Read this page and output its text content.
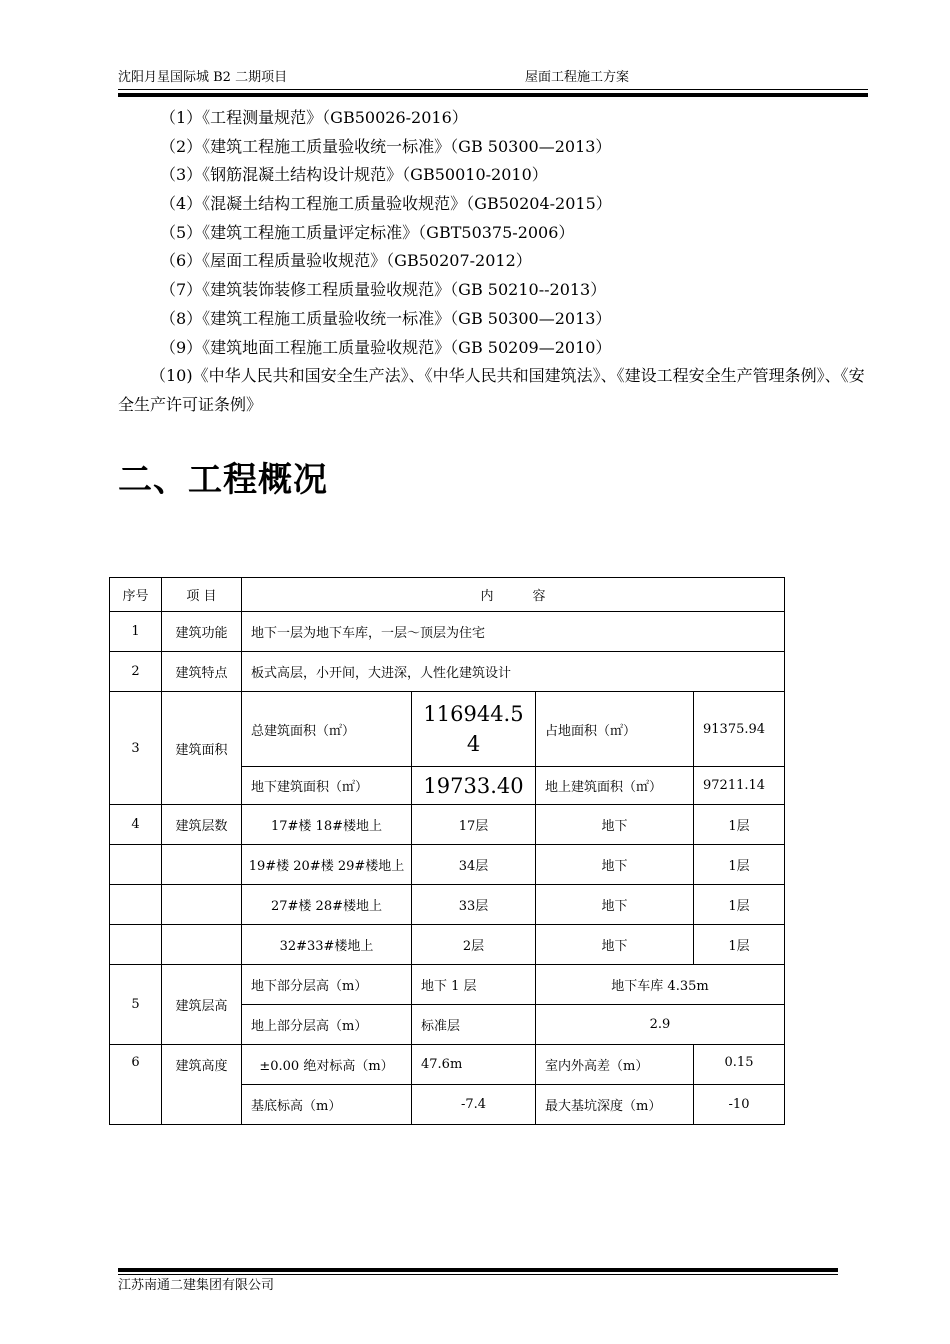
沈阳月星国际城 B2 二期项目	屋面工程施工方案
（1）《工程测量规范》（GB50026-2016）
（2）《建筑工程施工质量验收统一标准》（GB 50300—2013）
（3）《钢筋混凝土结构设计规范》（GB50010-2010）
（4）《混凝土结构工程施工质量验收规范》（GB50204-2015）
（5）《建筑工程施工质量评定标准》（GBT50375-2006）
（6）《屋面工程质量验收规范》（GB50207-2012）
（7）《建筑装饰装修工程质量验收规范》（GB 50210--2013）
（8）《建筑工程施工质量验收统一标准》（GB 50300—2013）
（9）《建筑地面工程施工质量验收规范》（GB 50209—2010）
（10)《中华人民共和国安全生产法》、《中华人民共和国建筑法》、《建设工程安全生产管理条例》、《安全生产许可证条例》
二、工程概况
序号	项 目	内　　　容			
1	建筑功能	地下一层为地下车库，一层～顶层为住宅			
2	建筑特点	板式高层，小开间，大进深，人性化建筑设计			
3	建筑面积	总建筑面积（㎡）	116944.54	占地面积（㎡）	91375.94
		地下建筑面积（㎡）	19733.40	地上建筑面积（㎡）	97211.14
4	建筑层数	17#楼 18#楼地上	17层	地下	1层
		19#楼 20#楼 29#楼地上	34层	地下	1层
		27#楼 28#楼地上	33层	地下	1层
		32#33#楼地上	2层	地下	1层
5	建筑层高	地下部分层高（m）	地下 1 层	地下车库 4.35m	
		地上部分层高（m）	标准层	2.9	
6	建筑高度	±0.00 绝对标高（m）	47.6m	室内外高差（m）	0.15
		基底标高（m）	-7.4	最大基坑深度（m）	-10
江苏南通二建集团有限公司
